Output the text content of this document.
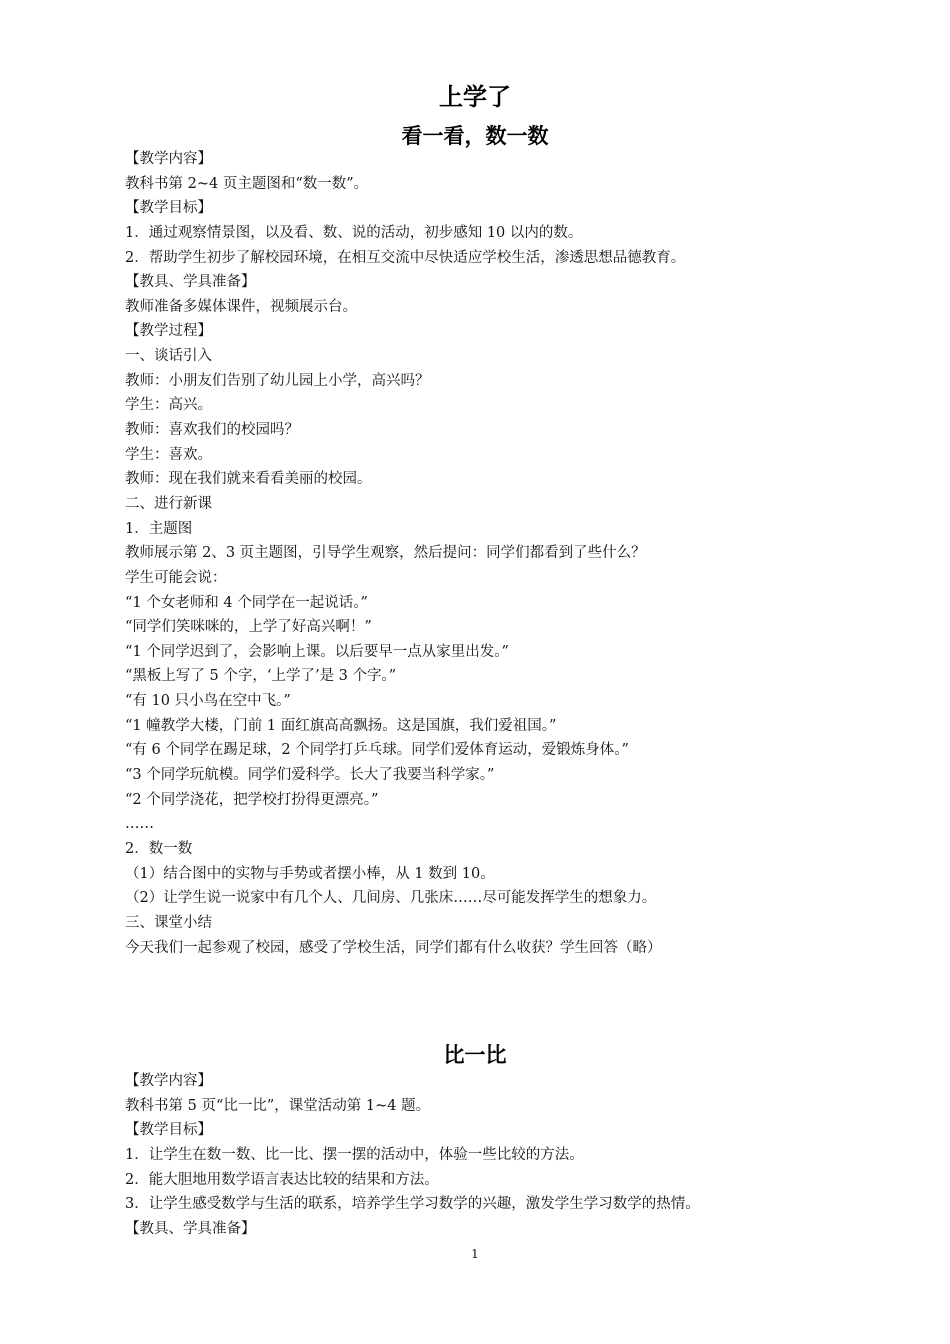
上学了
看一看，数一数
【教学内容】
教科书第 2~4 页主题图和“数一数”。
【教学目标】
1．通过观察情景图，以及看、数、说的活动，初步感知 10 以内的数。
2．帮助学生初步了解校园环境，在相互交流中尽快适应学校生活，渗透思想品德教育。
【教具、学具准备】
教师准备多媒体课件，视频展示台。
【教学过程】
一、谈话引入
教师：小朋友们告别了幼儿园上小学，高兴吗？
学生：高兴。
教师：喜欢我们的校园吗？
学生：喜欢。
教师：现在我们就来看看美丽的校园。
二、进行新课
1．主题图
教师展示第 2、3 页主题图，引导学生观察，然后提问：同学们都看到了些什么？
学生可能会说：
“1 个女老师和 4 个同学在一起说话。”
“同学们笑咪咪的，上学了好高兴啊！”
“1 个同学迟到了，会影响上课。以后要早一点从家里出发。”
“黑板上写了 5 个字，‘上学了’是 3 个字。”
“有 10 只小鸟在空中飞。”
“1 幢教学大楼，门前 1 面红旗高高飘扬。这是国旗，我们爱祖国。”
“有 6 个同学在踢足球，2 个同学打乒乓球。同学们爱体育运动，爱锻炼身体。”
“3 个同学玩航模。同学们爱科学。长大了我要当科学家。”
“2 个同学浇花，把学校打扮得更漂亮。”
……
2．数一数
（1）结合图中的实物与手势或者摆小棒，从 1 数到 10。
（2）让学生说一说家中有几个人、几间房、几张床……尽可能发挥学生的想象力。
三、课堂小结
今天我们一起参观了校园，感受了学校生活，同学们都有什么收获？学生回答（略）
比一比
【教学内容】
教科书第 5 页“比一比”，课堂活动第 1~4 题。
【教学目标】
1．让学生在数一数、比一比、摆一摆的活动中，体验一些比较的方法。
2．能大胆地用数学语言表达比较的结果和方法。
3．让学生感受数学与生活的联系，培养学生学习数学的兴趣，激发学生学习数学的热情。
【教具、学具准备】
1
